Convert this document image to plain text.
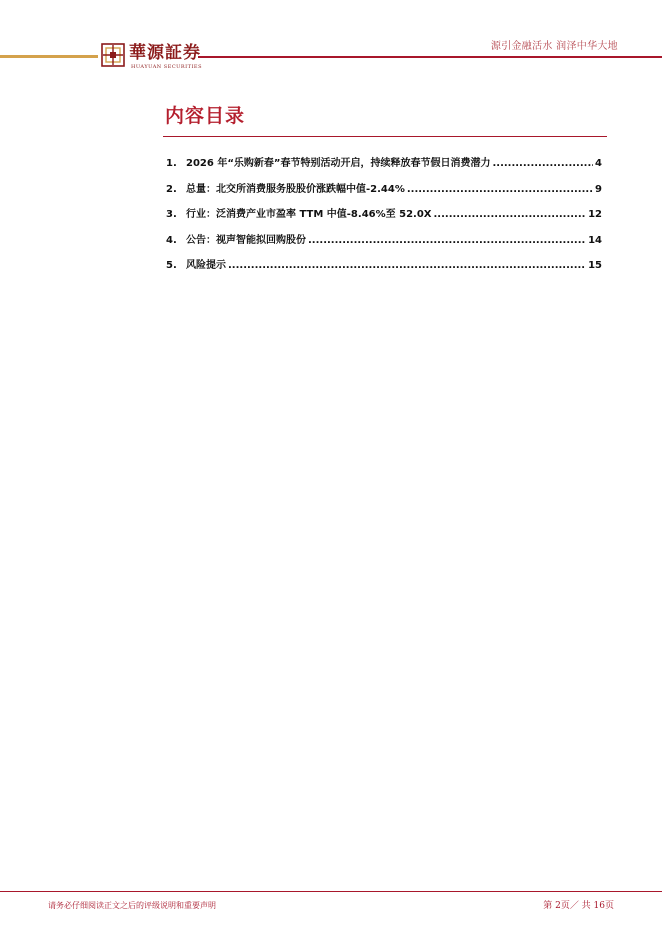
華源証券
HUAYUAN SECURITIES
源引金融活水 润泽中华大地
内容目录
1. 2026 年“乐购新春”春节特别活动开启，持续释放春节假日消费潜力 .....	4
2. 总量：北交所消费服务股股价涨跌幅中值-2.44% .....	9
3. 行业：泛消费产业市盈率 TTM 中值-8.46%至 52.0X .....	12
4. 公告：视声智能拟回购股份 .....	14
5. 风险提示 .....	15
请务必仔细阅读正文之后的评级说明和重要声明	第 2页／ 共 16页
